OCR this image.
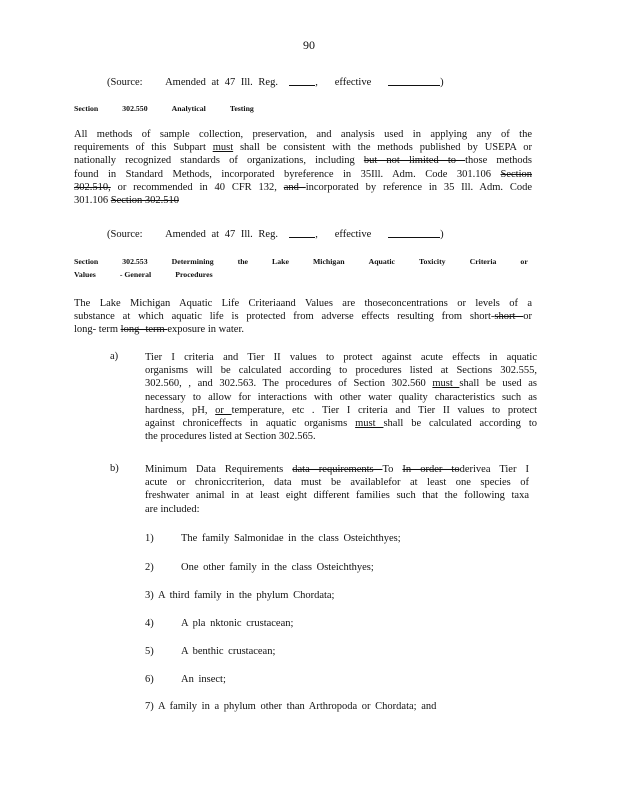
90
(Source: Amended at 47 Ill. Reg.	,   effective	)
Section	302.550	Analytical	Testing
All methods of sample collection, preservation, and analysis used in applying any of the
requirements of this Subpart must shall be consistent with the methods published by USEPA or
nationally recognized standards of organizations, including but not limited to those methods
found in Standard Methods, incorporated byreference in 35Ill. Adm. Code 301.106 Section
302.510, or recommended in 40 CFR 132, and incorporated by reference in 35 Ill. Adm. Code
301.106 Section 302.510
(Source: Amended at 47 Ill. Reg.	,   effective	)
Section	302.553	Determining	the	Lake	Michigan	Aquatic	Toxicity	Criteria	or
Values	- General	Procedures
The Lake Michigan Aquatic Life Criteriaand Values are thoseconcentrations or levels of a
substance at which aquatic life is protected from adverse effects resulting from short-short or
long- term long- term exposure in water.
a)	Tier I criteria and Tier II values to protect against acute effects in aquatic
organisms will be calculated according to procedures listed at Sections 302.555,
302.560, , and 302.563. The procedures of Section 302.560 must shall be used as
necessary to allow for interactions with other water quality characteristics such as
hardness, pH, or temperature, etc . Tier I criteria and Tier II values to protect
against chroniceffects in aquatic organisms must shall be calculated according to
the procedures listed at Section 302.565.
b)	Minimum Data Requirements data requirements To In order toderivea Tier I
acute or chroniccriterion, data must be availablefor at least one species of
freshwater animal in at least eight different families such that the following taxa
are included:
1)	The family Salmonidae in the class Osteichthyes;
2)	One other family in the class Osteichthyes;
3) A third family in the phylum Chordata;
4)	A pla nktonic crustacean;
5)	A benthic crustacean;
6)	An insect;
7) A family in a phylum other than Arthropoda or Chordata; and
